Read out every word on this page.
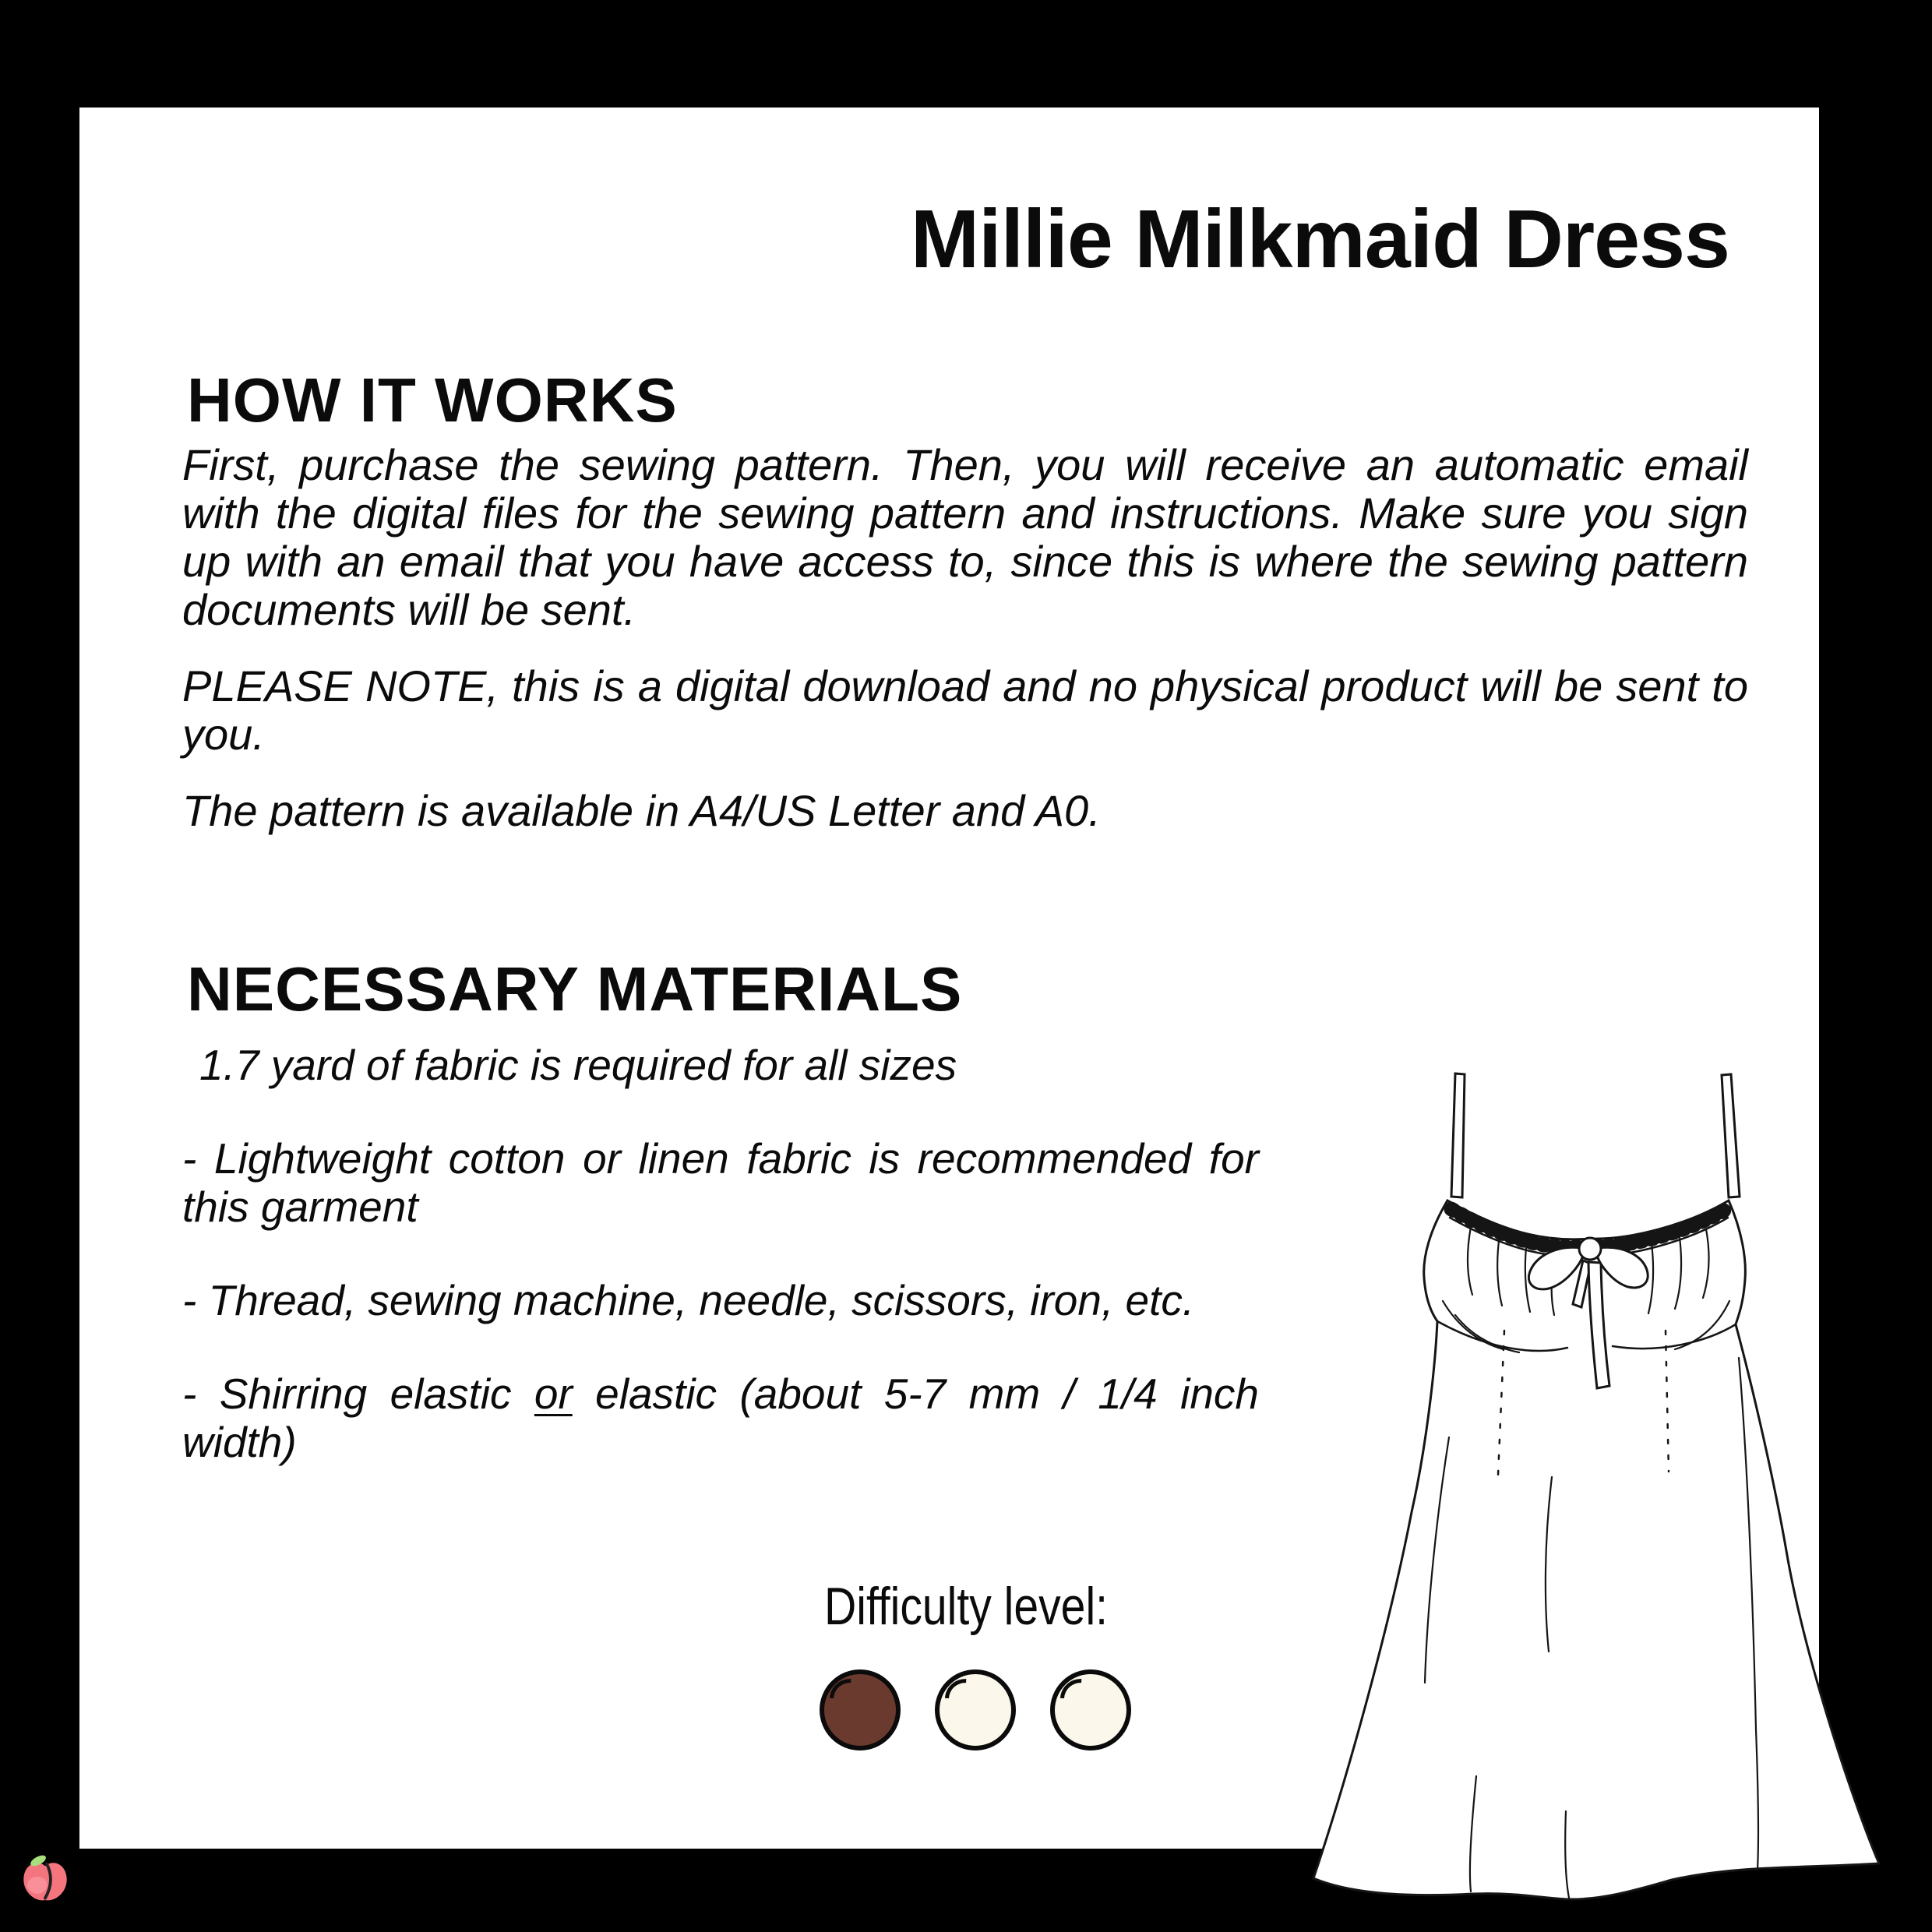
Millie Milkmaid Dress
HOW IT WORKS

First, purchase the sewing pattern. Then, you will receive an automatic email with the digital files for the sewing pattern and instructions. Make sure you sign up with an email that you have access to, since this is where the sewing pattern documents will be sent.

PLEASE NOTE, this is a digital download and no physical product will be sent to you.

The pattern is available in A4/US Letter and A0.

NECESSARY MATERIALS
1.7 yard of fabric is required for all sizes
- Lightweight cotton or linen fabric is recommended for this garment
- Thread, sewing machine, needle, scissors, iron, etc.
- Shirring elastic or elastic (about 5-7 mm / 1/4 inch width)
Difficulty level:
